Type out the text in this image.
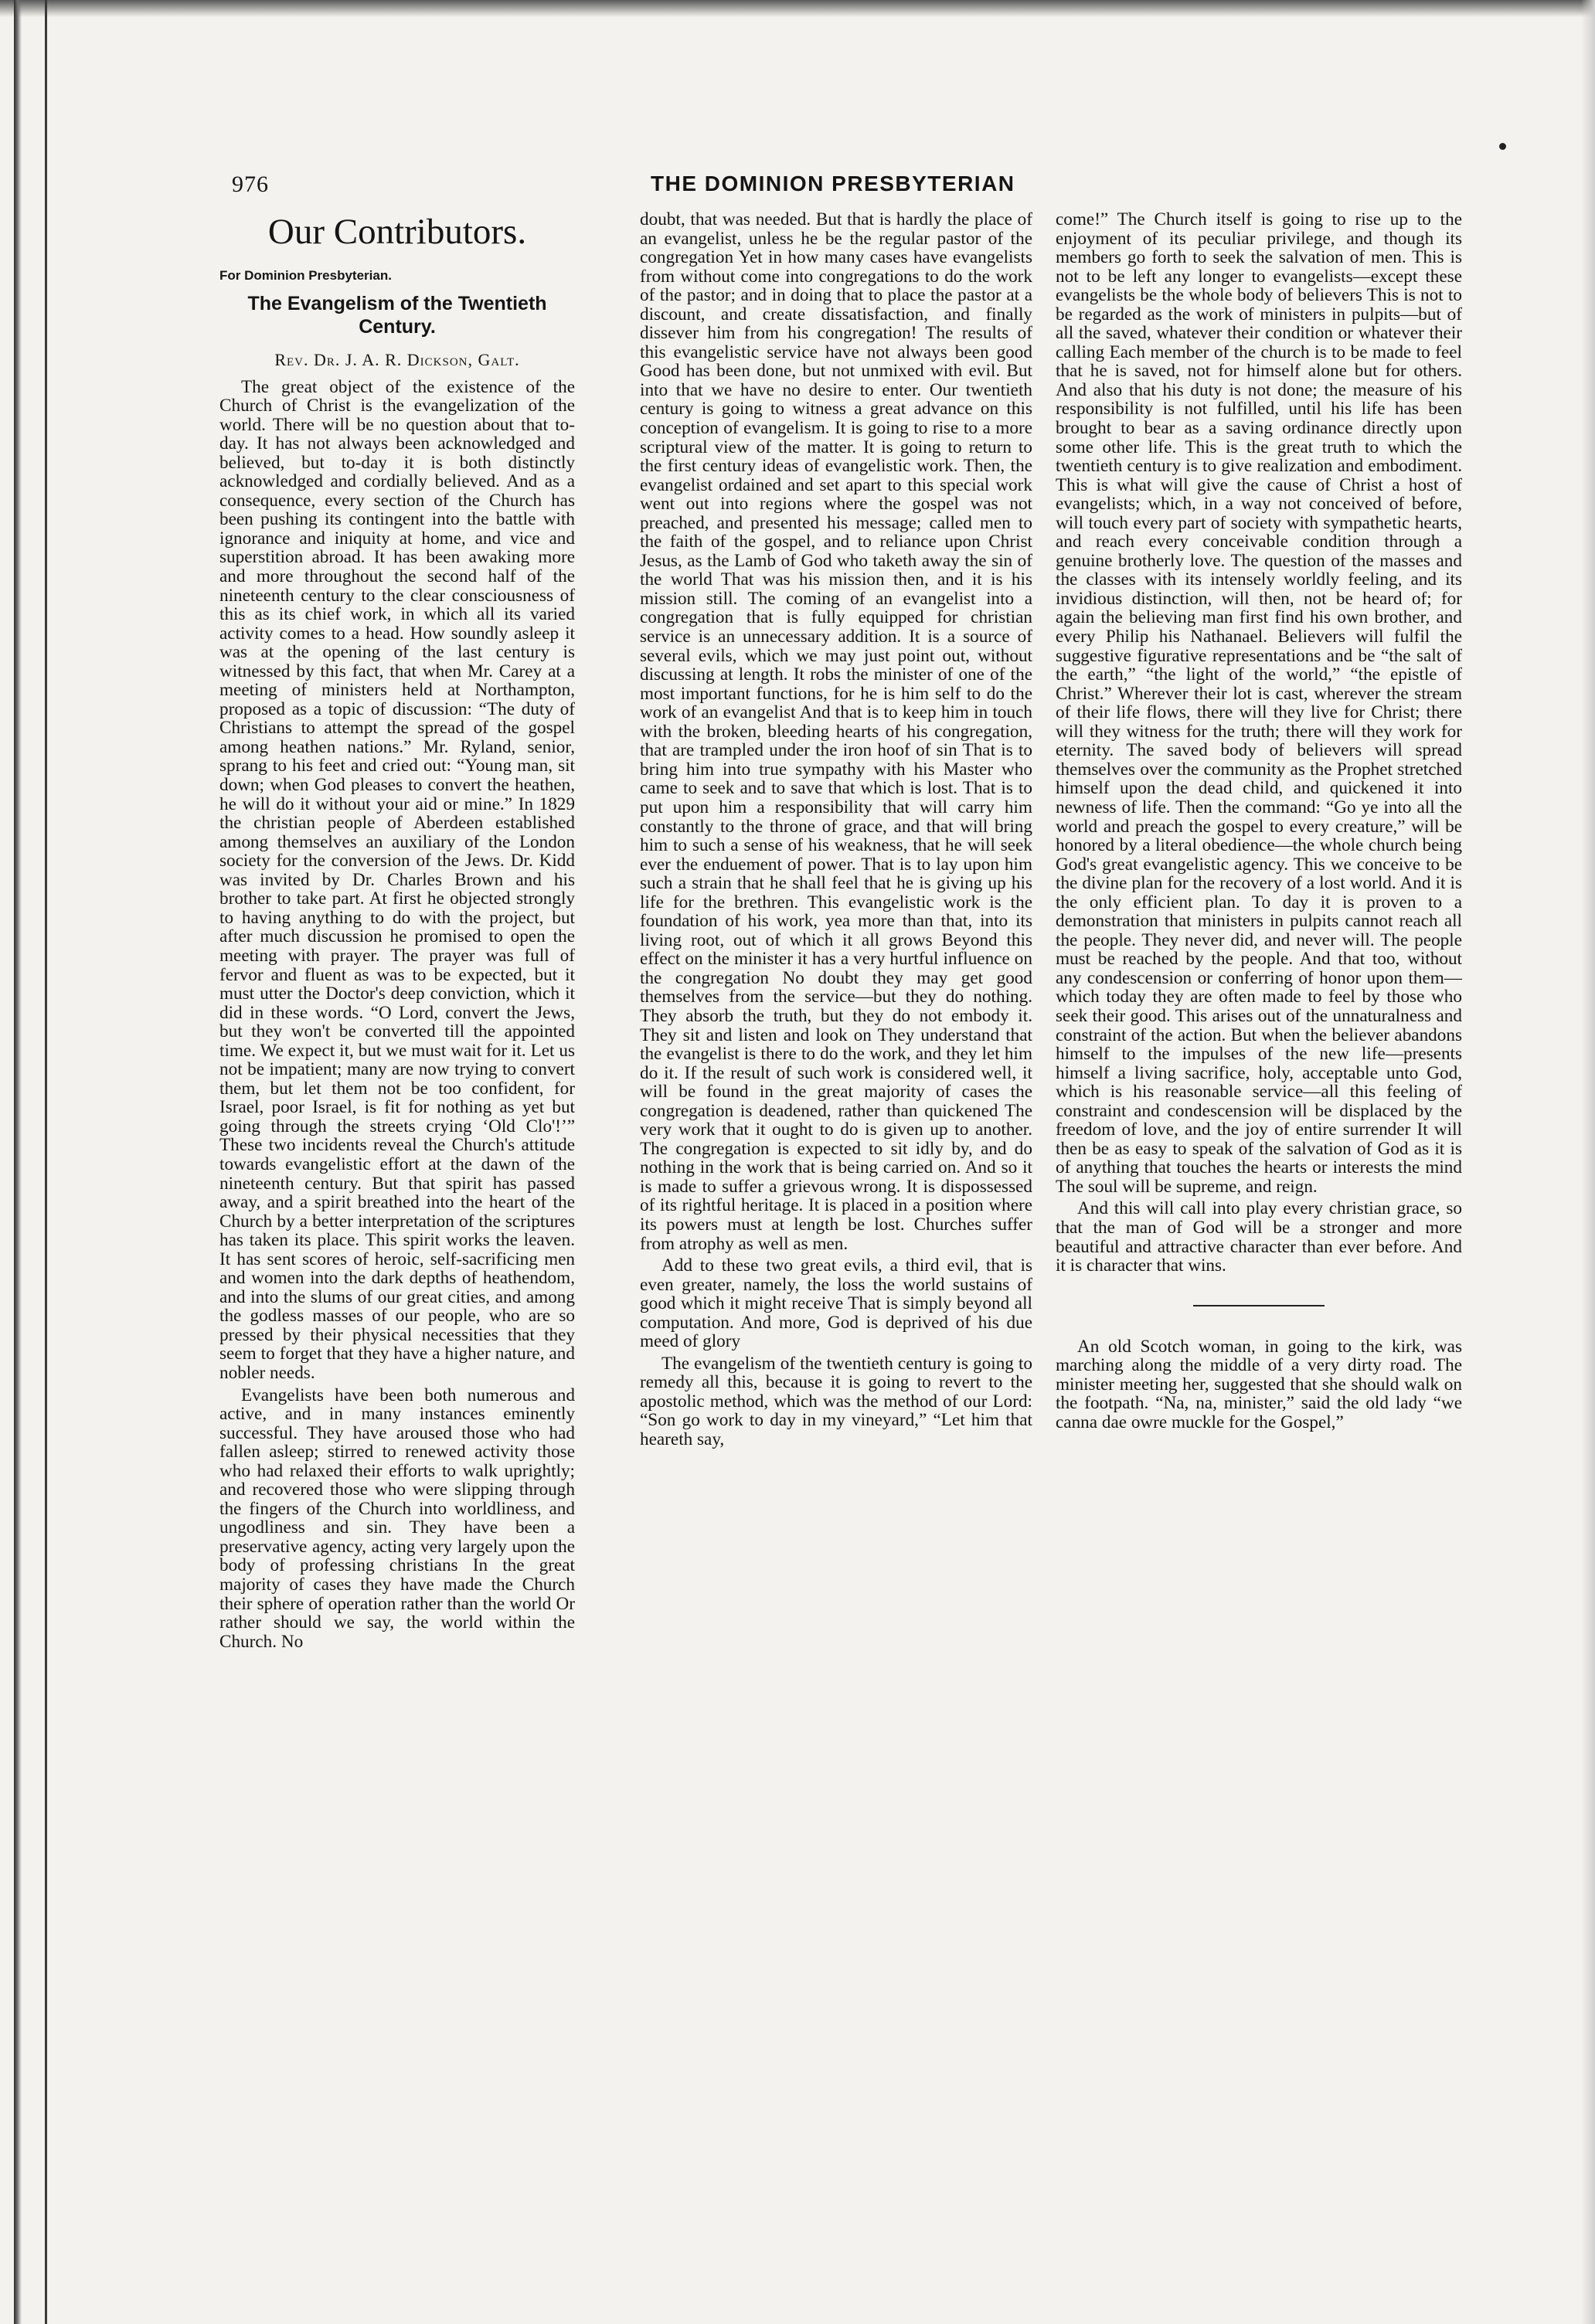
976	THE DOMINION PRESBYTERIAN
Our Contributors.
For Dominion Presbyterian.
The Evangelism of the Twentieth Century.
Rev. Dr. J. A. R. Dickson, Galt.

The great object of the existence of the Church of Christ is the evangelization of the world. There will be no question about that to-day. It has not always been acknowledged and believed, but to-day it is both distinctly acknowledged and cordially believed. And as a consequence, every section of the Church has been pushing its contingent into the battle with ignorance and iniquity at home, and vice and superstition abroad. It has been awaking more and more throughout the second half of the nineteenth century to the clear consciousness of this as its chief work, in which all its varied activity comes to a head. How soundly asleep it was at the opening of the last century is witnessed by this fact, that when Mr. Carey at a meeting of ministers held at Northampton, proposed as a topic of discussion: “The duty of Christians to attempt the spread of the gospel among heathen nations.” Mr. Ryland, senior, sprang to his feet and cried out: “Young man, sit down; when God pleases to convert the heathen, he will do it without your aid or mine.” In 1829 the christian people of Aberdeen established among themselves an auxiliary of the London society for the conversion of the Jews. Dr. Kidd was invited by Dr. Charles Brown and his brother to take part. At first he objected strongly to having anything to do with the project, but after much discussion he promised to open the meeting with prayer. The prayer was full of fervor and fluent as was to be expected, but it must utter the Doctor's deep conviction, which it did in these words. “O Lord, convert the Jews, but they won't be converted till the appointed time. We expect it, but we must wait for it. Let us not be impatient; many are now trying to convert them, but let them not be too confident, for Israel, poor Israel, is fit for nothing as yet but going through the streets crying ‘Old Clo'!’” These two incidents reveal the Church's attitude towards evangelistic effort at the dawn of the nineteenth century. But that spirit has passed away, and a spirit breathed into the heart of the Church by a better interpretation of the scriptures has taken its place. This spirit works the leaven. It has sent scores of heroic, self-sacrificing men and women into the dark depths of heathendom, and into the slums of our great cities, and among the godless masses of our people, who are so pressed by their physical necessities that they seem to forget that they have a higher nature, and nobler needs.

Evangelists have been both numerous and active, and in many instances eminently successful. They have aroused those who had fallen asleep; stirred to renewed activity those who had relaxed their efforts to walk uprightly; and recovered those who were slipping through the fingers of the Church into worldliness, and ungodliness and sin. They have been a preservative agency, acting very largely upon the body of professing christians In the great majority of cases they have made the Church their sphere of operation rather than the world Or rather should we say, the world within the Church. No

doubt, that was needed. But that is hardly the place of an evangelist, unless he be the regular pastor of the congregation Yet in how many cases have evangelists from without come into congregations to do the work of the pastor; and in doing that to place the pastor at a discount, and create dissatisfaction, and finally dissever him from his congregation! The results of this evangelistic service have not always been good Good has been done, but not unmixed with evil. But into that we have no desire to enter. Our twentieth century is going to witness a great advance on this conception of evangelism. It is going to rise to a more scriptural view of the matter. It is going to return to the first century ideas of evangelistic work. Then, the evangelist ordained and set apart to this special work went out into regions where the gospel was not preached, and presented his message; called men to the faith of the gospel, and to reliance upon Christ Jesus, as the Lamb of God who taketh away the sin of the world That was his mission then, and it is his mission still. The coming of an evangelist into a congregation that is fully equipped for christian service is an unnecessary addition. It is a source of several evils, which we may just point out, without discussing at length. It robs the minister of one of the most important functions, for he is him self to do the work of an evangelist And that is to keep him in touch with the broken, bleeding hearts of his congregation, that are trampled under the iron hoof of sin That is to bring him into true sympathy with his Master who came to seek and to save that which is lost. That is to put upon him a responsibility that will carry him constantly to the throne of grace, and that will bring him to such a sense of his weakness, that he will seek ever the enduement of power. That is to lay upon him such a strain that he shall feel that he is giving up his life for the brethren. This evangelistic work is the foundation of his work, yea more than that, into its living root, out of which it all grows Beyond this effect on the minister it has a very hurtful influence on the congregation No doubt they may get good themselves from the service—but they do nothing. They absorb the truth, but they do not embody it. They sit and listen and look on They understand that the evangelist is there to do the work, and they let him do it. If the result of such work is considered well, it will be found in the great majority of cases the congregation is deadened, rather than quickened The very work that it ought to do is given up to another. The congregation is expected to sit idly by, and do nothing in the work that is being carried on. And so it is made to suffer a grievous wrong. It is dispossessed of its rightful heritage. It is placed in a position where its powers must at length be lost. Churches suffer from atrophy as well as men.

Add to these two great evils, a third evil, that is even greater, namely, the loss the world sustains of good which it might receive That is simply beyond all computation. And more, God is deprived of his due meed of glory

The evangelism of the twentieth century is going to remedy all this, because it is going to revert to the apostolic method, which was the method of our Lord: “Son go work to day in my vineyard,” “Let him that heareth say,

come!” The Church itself is going to rise up to the enjoyment of its peculiar privilege, and though its members go forth to seek the salvation of men. This is not to be left any longer to evangelists—except these evangelists be the whole body of believers This is not to be regarded as the work of ministers in pulpits—but of all the saved, whatever their condition or whatever their calling Each member of the church is to be made to feel that he is saved, not for himself alone but for others. And also that his duty is not done; the measure of his responsibility is not fulfilled, until his life has been brought to bear as a saving ordinance directly upon some other life. This is the great truth to which the twentieth century is to give realization and embodiment. This is what will give the cause of Christ a host of evangelists; which, in a way not conceived of before, will touch every part of society with sympathetic hearts, and reach every conceivable condition through a genuine brotherly love. The question of the masses and the classes with its intensely worldly feeling, and its invidious distinction, will then, not be heard of; for again the believing man first find his own brother, and every Philip his Nathanael. Believers will fulfil the suggestive figurative representations and be “the salt of the earth,” “the light of the world,” “the epistle of Christ.” Wherever their lot is cast, wherever the stream of their life flows, there will they live for Christ; there will they witness for the truth; there will they work for eternity. The saved body of believers will spread themselves over the community as the Prophet stretched himself upon the dead child, and quickened it into newness of life. Then the command: “Go ye into all the world and preach the gospel to every creature,” will be honored by a literal obedience—the whole church being God's great evangelistic agency. This we conceive to be the divine plan for the recovery of a lost world. And it is the only efficient plan. To day it is proven to a demonstration that ministers in pulpits cannot reach all the people. They never did, and never will. The people must be reached by the people. And that too, without any condescension or conferring of honor upon them—which today they are often made to feel by those who seek their good. This arises out of the unnaturalness and constraint of the action. But when the believer abandons himself to the impulses of the new life—presents himself a living sacrifice, holy, acceptable unto God, which is his reasonable service—all this feeling of constraint and condescension will be displaced by the freedom of love, and the joy of entire surrender It will then be as easy to speak of the salvation of God as it is of anything that touches the hearts or interests the mind The soul will be supreme, and reign.

And this will call into play every christian grace, so that the man of God will be a stronger and more beautiful and attractive character than ever before. And it is character that wins.

An old Scotch woman, in going to the kirk, was marching along the middle of a very dirty road. The minister meeting her, suggested that she should walk on the footpath. “Na, na, minister,” said the old lady “we canna dae owre muckle for the Gospel,”
